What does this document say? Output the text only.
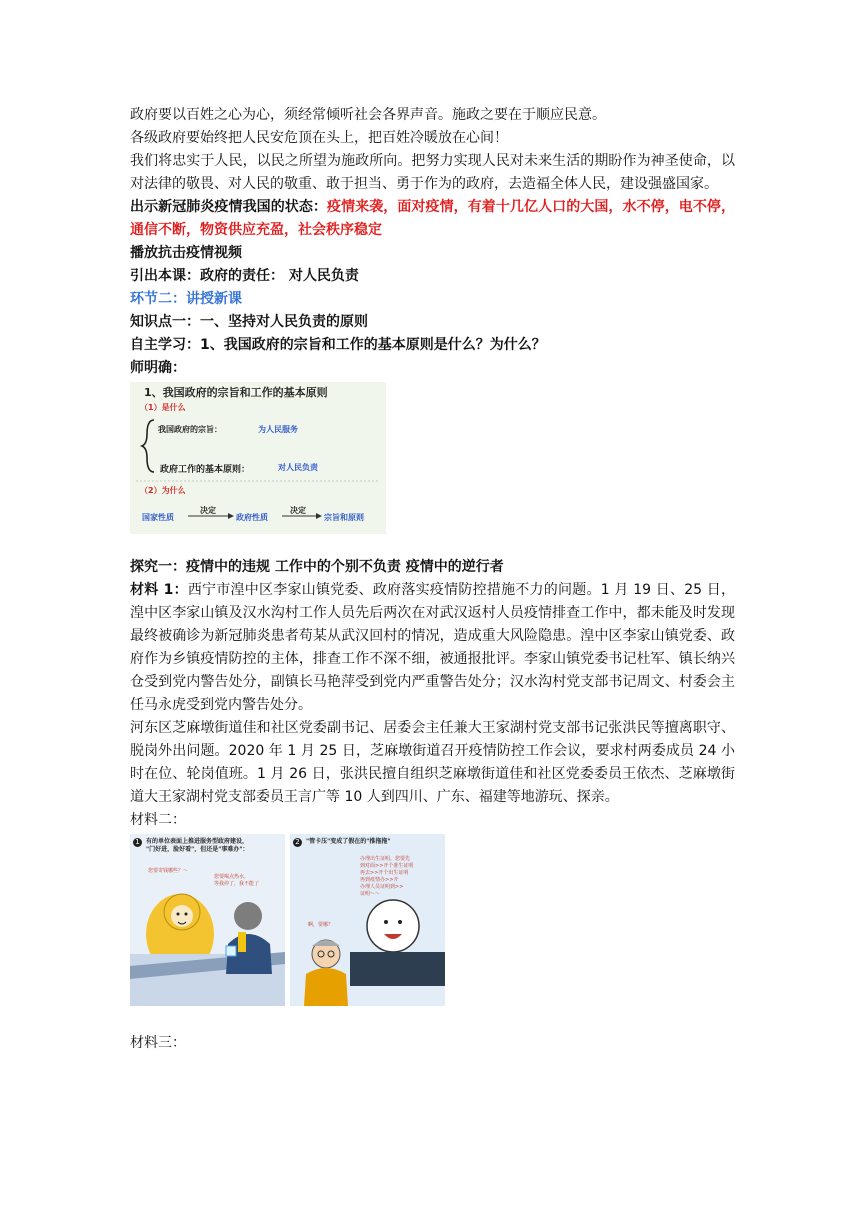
政府要以百姓之心为心，须经常倾听社会各界声音。施政之要在于顺应民意。

各级政府要始终把人民安危顶在头上，把百姓冷暖放在心间！

我们将忠实于人民，以民之所望为施政所向。把努力实现人民对未来生活的期盼作为神圣使命，以对法律的敬畏、对人民的敬重、敢于担当、勇于作为的政府，去造福全体人民，建设强盛国家。

出示新冠肺炎疫情我国的状态：疫情来袭，面对疫情，有着十几亿人口的大国，水不停，电不停，通信不断，物资供应充盈，社会秩序稳定

播放抗击疫情视频

引出本课：政府的责任： 对人民负责

环节二：讲授新课

知识点一：一、坚持对人民负责的原则

自主学习：1、我国政府的宗旨和工作的基本原则是什么？为什么？

师明确：

1、我国政府的宗旨和工作的基本原则
（1）是什么
我国政府的宗旨：	为人民服务
政府工作的基本原则：	对人民负责
（2）为什么
国家性质
决定
政府性质
决定
宗旨和原则

探究一：疫情中的违规 工作中的个别不负责 疫情中的逆行者

材料 1：西宁市湟中区李家山镇党委、政府落实疫情防控措施不力的问题。1 月 19 日、25 日，湟中区李家山镇及汉水沟村工作人员先后两次在对武汉返村人员疫情排查工作中，都未能及时发现最终被确诊为新冠肺炎患者苟某从武汉回村的情况，造成重大风险隐患。湟中区李家山镇党委、政府作为乡镇疫情防控的主体，排查工作不深不细，被通报批评。李家山镇党委书记杜军、镇长纳兴仓受到党内警告处分，副镇长马艳萍受到党内严重警告处分；汉水沟村党支部书记周文、村委会主任马永虎受到党内警告处分。

河东区芝麻墩街道佳和社区党委副书记、居委会主任兼大王家湖村党支部书记张洪民等擅离职守、脱岗外出问题。2020 年 1 月 25 日，芝麻墩街道召开疫情防控工作会议，要求村两委成员 24 小时在位、轮岗值班。1 月 26 日，张洪民擅自组织芝麻墩街道佳和社区党委委员王依杰、芝麻墩街道大王家湖村党支部委员王言广等 10 人到四川、广东、福建等地游玩、探亲。

材料二：

1	有的单位表面上推进服务型政府建设，
"门好进，脸好看"，但还是"事难办"：
您要寄钱哪些？～
您要喝点热水，
等我停了，我不能了
2	"管卡压"变成了假在的"推拖拖"
办理出生证明，您要先
到对面>>开个准生证明
再去>>开个出生证明
再到疫情办>>开
办理人员证明到>>
证明～～
啊，要哪？

材料三：
